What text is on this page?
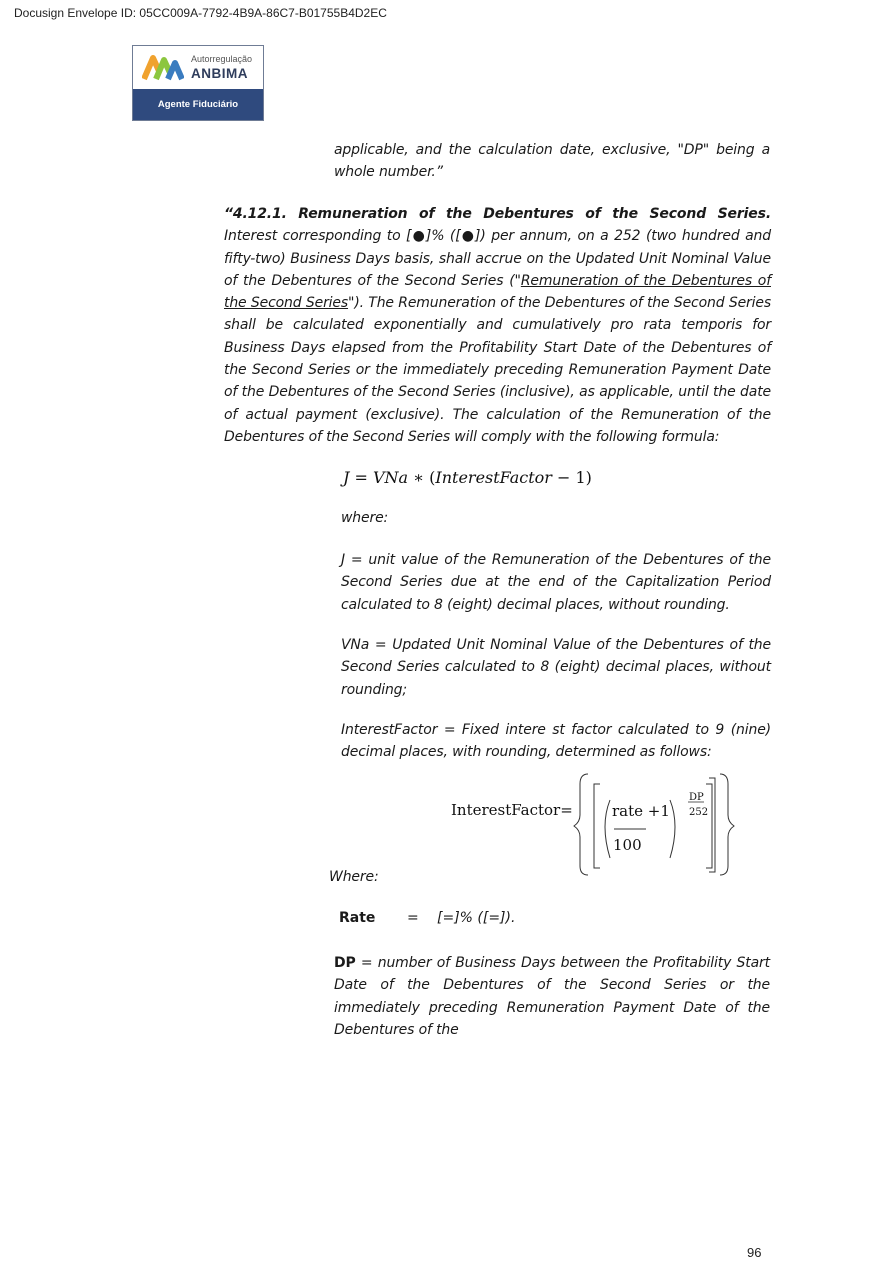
Docusign Envelope ID: 05CC009A-7792-4B9A-86C7-B01755B4D2EC
Autorregulação
ANBIMA
Agente Fiduciário

applicable, and the calculation date, exclusive, "DP" being a whole number.”

“4.12.1. Remuneration of the Debentures of the Second Series. Interest corresponding to [●]% ([●]) per annum, on a 252 (two hundred and fifty-two) Business Days basis, shall accrue on the Updated Unit Nominal Value of the Debentures of the Second Series ("Remuneration of the Debentures of the Second Series"). The Remuneration of the Debentures of the Second Series shall be calculated exponentially and cumulatively pro rata temporis for Business Days elapsed from the Profitability Start Date of the Debentures of the Second Series or the immediately preceding Remuneration Payment Date of the Debentures of the Second Series (inclusive), as applicable, until the date of actual payment (exclusive). The calculation of the Remuneration of the Debentures of the Second Series will comply with the following formula:

J = VNa ∗ (InterestFactor − 1)

where:

J = unit value of the Remuneration of the Debentures of the Second Series due at the end of the Capitalization Period calculated to 8 (eight) decimal places, without rounding.

VNa = Updated Unit Nominal Value of the Debentures of the Second Series calculated to 8 (eight) decimal places, without rounding;

InterestFactor = Fixed intere st factor calculated to 9 (nine) decimal places, with rounding, determined as follows:

InterestFactor=	rate +1
100
DP
252

Where:

Rate = [=]% ([=]).

DP = number of Business Days between the Profitability Start Date of the Debentures of the Second Series or the immediately preceding Remuneration Payment Date of the Debentures of the

96
